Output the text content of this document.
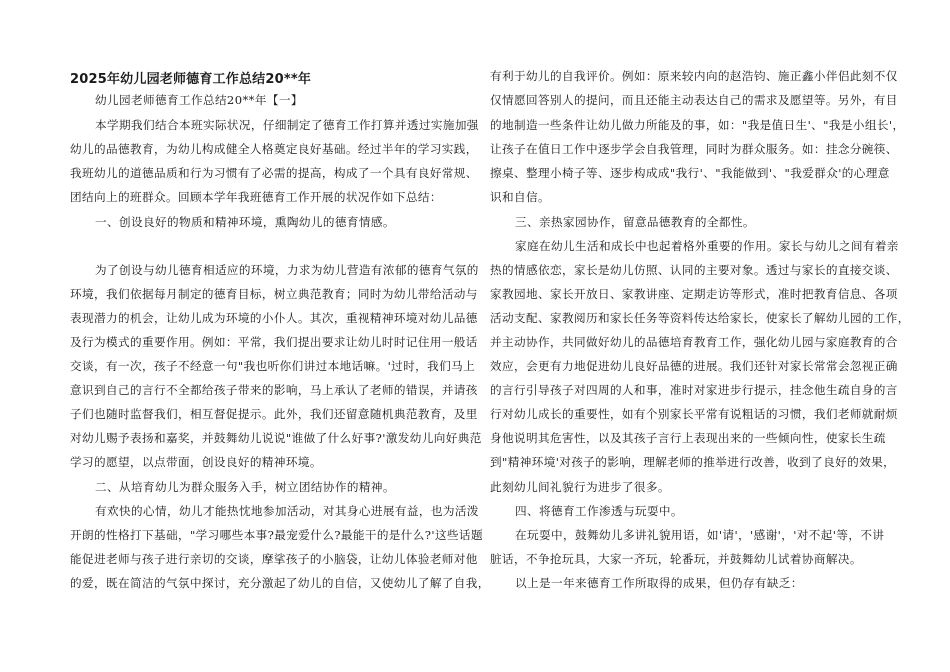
2025年幼儿园老师德育工作总结20**年
幼儿园老师德育工作总结20**年【一】
本学期我们结合本班实际状况，仔细制定了德育工作打算并透过实施加强
幼儿的品德教育，为幼儿构成健全人格奠定良好基础。经过半年的学习实践，
我班幼儿的道德品质和行为习惯有了必需的提高，构成了一个具有良好常规、
团结向上的班群众。回顾本学年我班德育工作开展的状况作如下总结：
一、创设良好的物质和精神环境，熏陶幼儿的德育情感。
为了创设与幼儿德育相适应的环境，力求为幼儿营造有浓郁的德育气氛的
环境，我们依据每月制定的德育目标，树立典范教育；同时为幼儿带给活动与
表现潜力的机会，让幼儿成为环境的小仆人。其次，重视精神环境对幼儿品德
及行为模式的重要作用。例如：平常，我们提出要求让幼儿时时记住用一般话
交谈，有一次，孩子不经意一句"我也听你们讲过本地话嘛。'过时，我们马上
意识到自己的言行不全都给孩子带来的影响，马上承认了老师的错误，并请孩
子们也随时监督我们，相互督促提示。此外，我们还留意随机典范教育，及里
对幼儿赐予表扬和嘉奖，并鼓舞幼儿说说"谁做了什么好事?'激发幼儿向好典范
学习的愿望，以点带面，创设良好的精神环境。
二、从培育幼儿为群众服务入手，树立团结协作的精神。
有欢快的心情，幼儿才能热忱地参加活动，对其身心进展有益，也为活泼
开朗的性格打下基础，"学习哪些本事?最宠爱什么?最能干的是什么?'这些话题
能促进老师与孩子进行亲切的交谈，摩挲孩子的小脑袋，让幼儿体验老师对他
的爱，既在简洁的气氛中探讨，充分激起了幼儿的自信，又使幼儿了解了自我，
有利于幼儿的自我评价。例如：原来较内向的赵浩钧、施正鑫小伴侣此刻不仅
仅情愿回答别人的提问，而且还能主动表达自己的需求及愿望等。另外，有目
的地制造一些条件让幼儿做力所能及的事，如："我是值日生'、"我是小组长'，
让孩子在值日工作中逐步学会自我管理，同时为群众服务。如：挂念分碗筷、
擦桌、整理小椅子等、逐步构成成"我行'、"我能做到'、"我爱群众'的心理意
识和自信。
三、亲热家园协作，留意品德教育的全都性。
家庭在幼儿生活和成长中也起着格外重要的作用。家长与幼儿之间有着亲
热的情感依恋，家长是幼儿仿照、认同的主要对象。透过与家长的直接交谈、
家教园地、家长开放日、家教讲座、定期走访等形式，准时把教育信息、各项
活动支配、家教阅历和家长任务等资料传达给家长，使家长了解幼儿园的工作，
并主动协作，共同做好幼儿的品德培育教育工作，强化幼儿园与家庭教育的合
效应，会更有力地促进幼儿良好品德的进展。我们还针对家长常常会忽视正确
的言行引导孩子对四周的人和事，准时对家进步行提示，挂念他生疏自身的言
行对幼儿成长的重要性，如有个别家长平常有说粗话的习惯，我们老师就耐烦
身他说明其危害性，以及其孩子言行上表现出来的一些倾向性，使家长生疏
到"精神环境'对孩子的影响，理解老师的推举进行改善，收到了良好的效果，
此刻幼儿间礼貌行为进步了很多。
四、将德育工作渗透与玩耍中。
在玩耍中，鼓舞幼儿多讲礼貌用语，如'请'，'感谢'，'对不起'等，不讲
脏话，不争抢玩具，大家一齐玩，轮番玩，并鼓舞幼儿试着协商解决。
以上是一年来德育工作所取得的成果，但仍存有缺乏：
